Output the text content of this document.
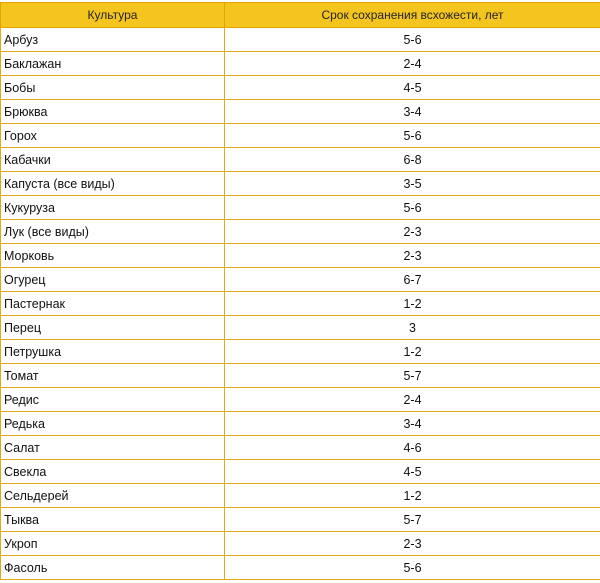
Культура	Срок сохранения всхожести, лет
Арбуз	5-6
Баклажан	2-4
Бобы	4-5
Брюква	3-4
Горох	5-6
Кабачки	6-8
Капуста (все виды)	3-5
Кукуруза	5-6
Лук (все виды)	2-3
Морковь	2-3
Огурец	6-7
Пастернак	1-2
Перец	3
Петрушка	1-2
Томат	5-7
Редис	2-4
Редька	3-4
Салат	4-6
Свекла	4-5
Сельдерей	1-2
Тыква	5-7
Укроп	2-3
Фасоль	5-6
